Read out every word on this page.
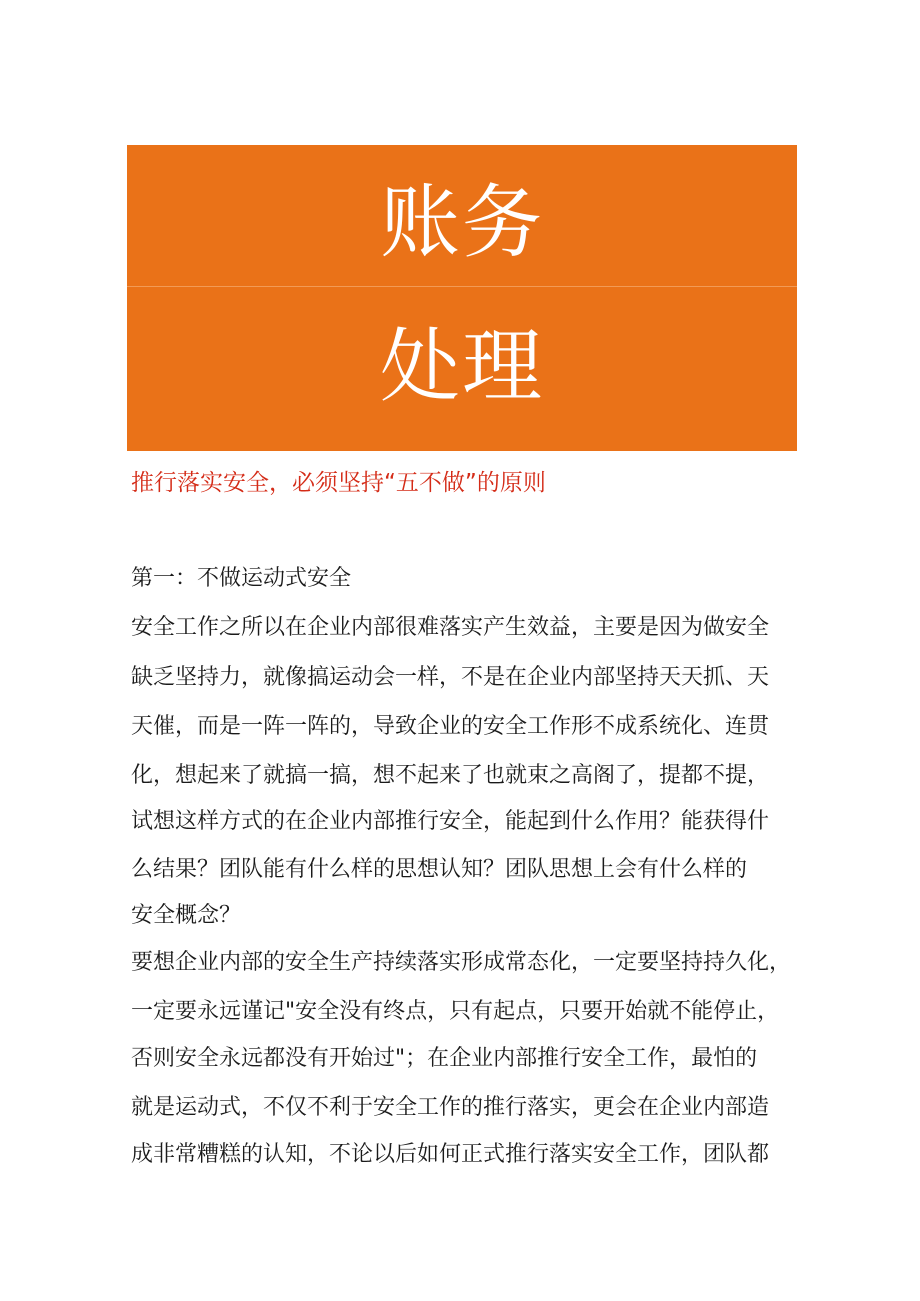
账务
处理
推行落实安全，必须坚持“五不做”的原则
第一：不做运动式安全
安全工作之所以在企业内部很难落实产生效益，主要是因为做安全
缺乏坚持力，就像搞运动会一样，不是在企业内部坚持天天抓、天
天催，而是一阵一阵的，导致企业的安全工作形不成系统化、连贯
化，想起来了就搞一搞，想不起来了也就束之高阁了，提都不提，
试想这样方式的在企业内部推行安全，能起到什么作用？能获得什
么结果？团队能有什么样的思想认知？团队思想上会有什么样的
安全概念？
要想企业内部的安全生产持续落实形成常态化，一定要坚持持久化，
一定要永远谨记"安全没有终点，只有起点，只要开始就不能停止，
否则安全永远都没有开始过"；在企业内部推行安全工作，最怕的
就是运动式，不仅不利于安全工作的推行落实，更会在企业内部造
成非常糟糕的认知，不论以后如何正式推行落实安全工作，团队都
